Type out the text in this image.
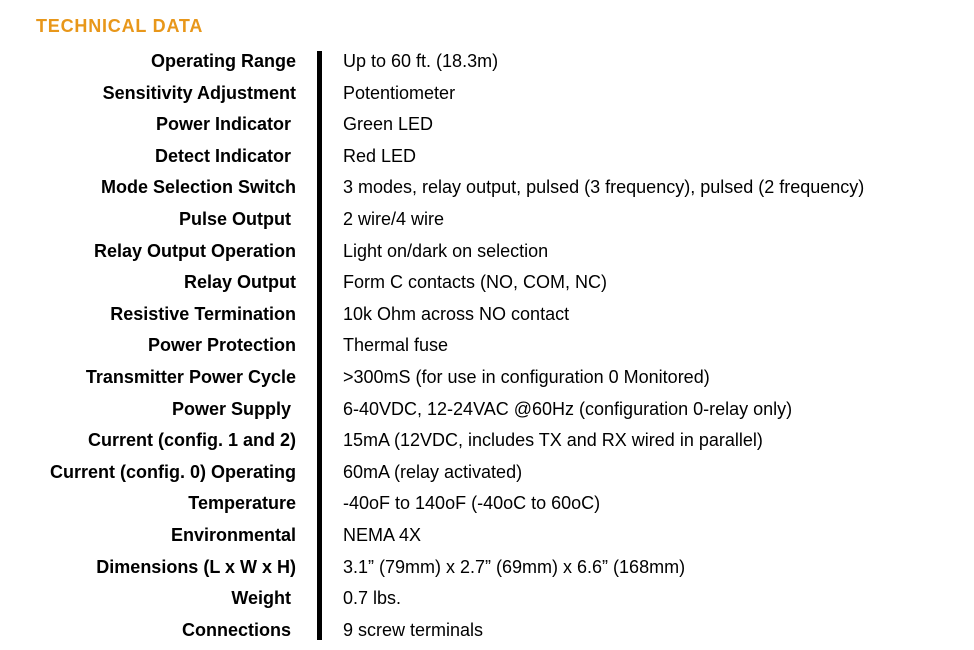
TECHNICAL DATA
Operating Range	Up to 60 ft. (18.3m)
Sensitivity Adjustment	Potentiometer
Power Indicator	Green LED
Detect Indicator	Red LED
Mode Selection Switch	3 modes, relay output, pulsed (3 frequency), pulsed (2 frequency)
Pulse Output	2 wire/4 wire
Relay Output Operation	Light on/dark on selection
Relay Output	Form C contacts (NO, COM, NC)
Resistive Termination	10k Ohm across NO contact
Power Protection	Thermal fuse
Transmitter Power Cycle	>300mS (for use in configuration 0 Monitored)
Power Supply	6-40VDC, 12-24VAC @60Hz (configuration 0-relay only)
Current (config. 1 and 2)	15mA (12VDC, includes TX and RX wired in parallel)
Current (config. 0) Operating	60mA (relay activated)
Temperature	-40oF to 140oF (-40oC to 60oC)
Environmental	NEMA 4X
Dimensions (L x W x H)	3.1” (79mm) x 2.7” (69mm) x 6.6” (168mm)
Weight	0.7 lbs.
Connections	9 screw terminals
